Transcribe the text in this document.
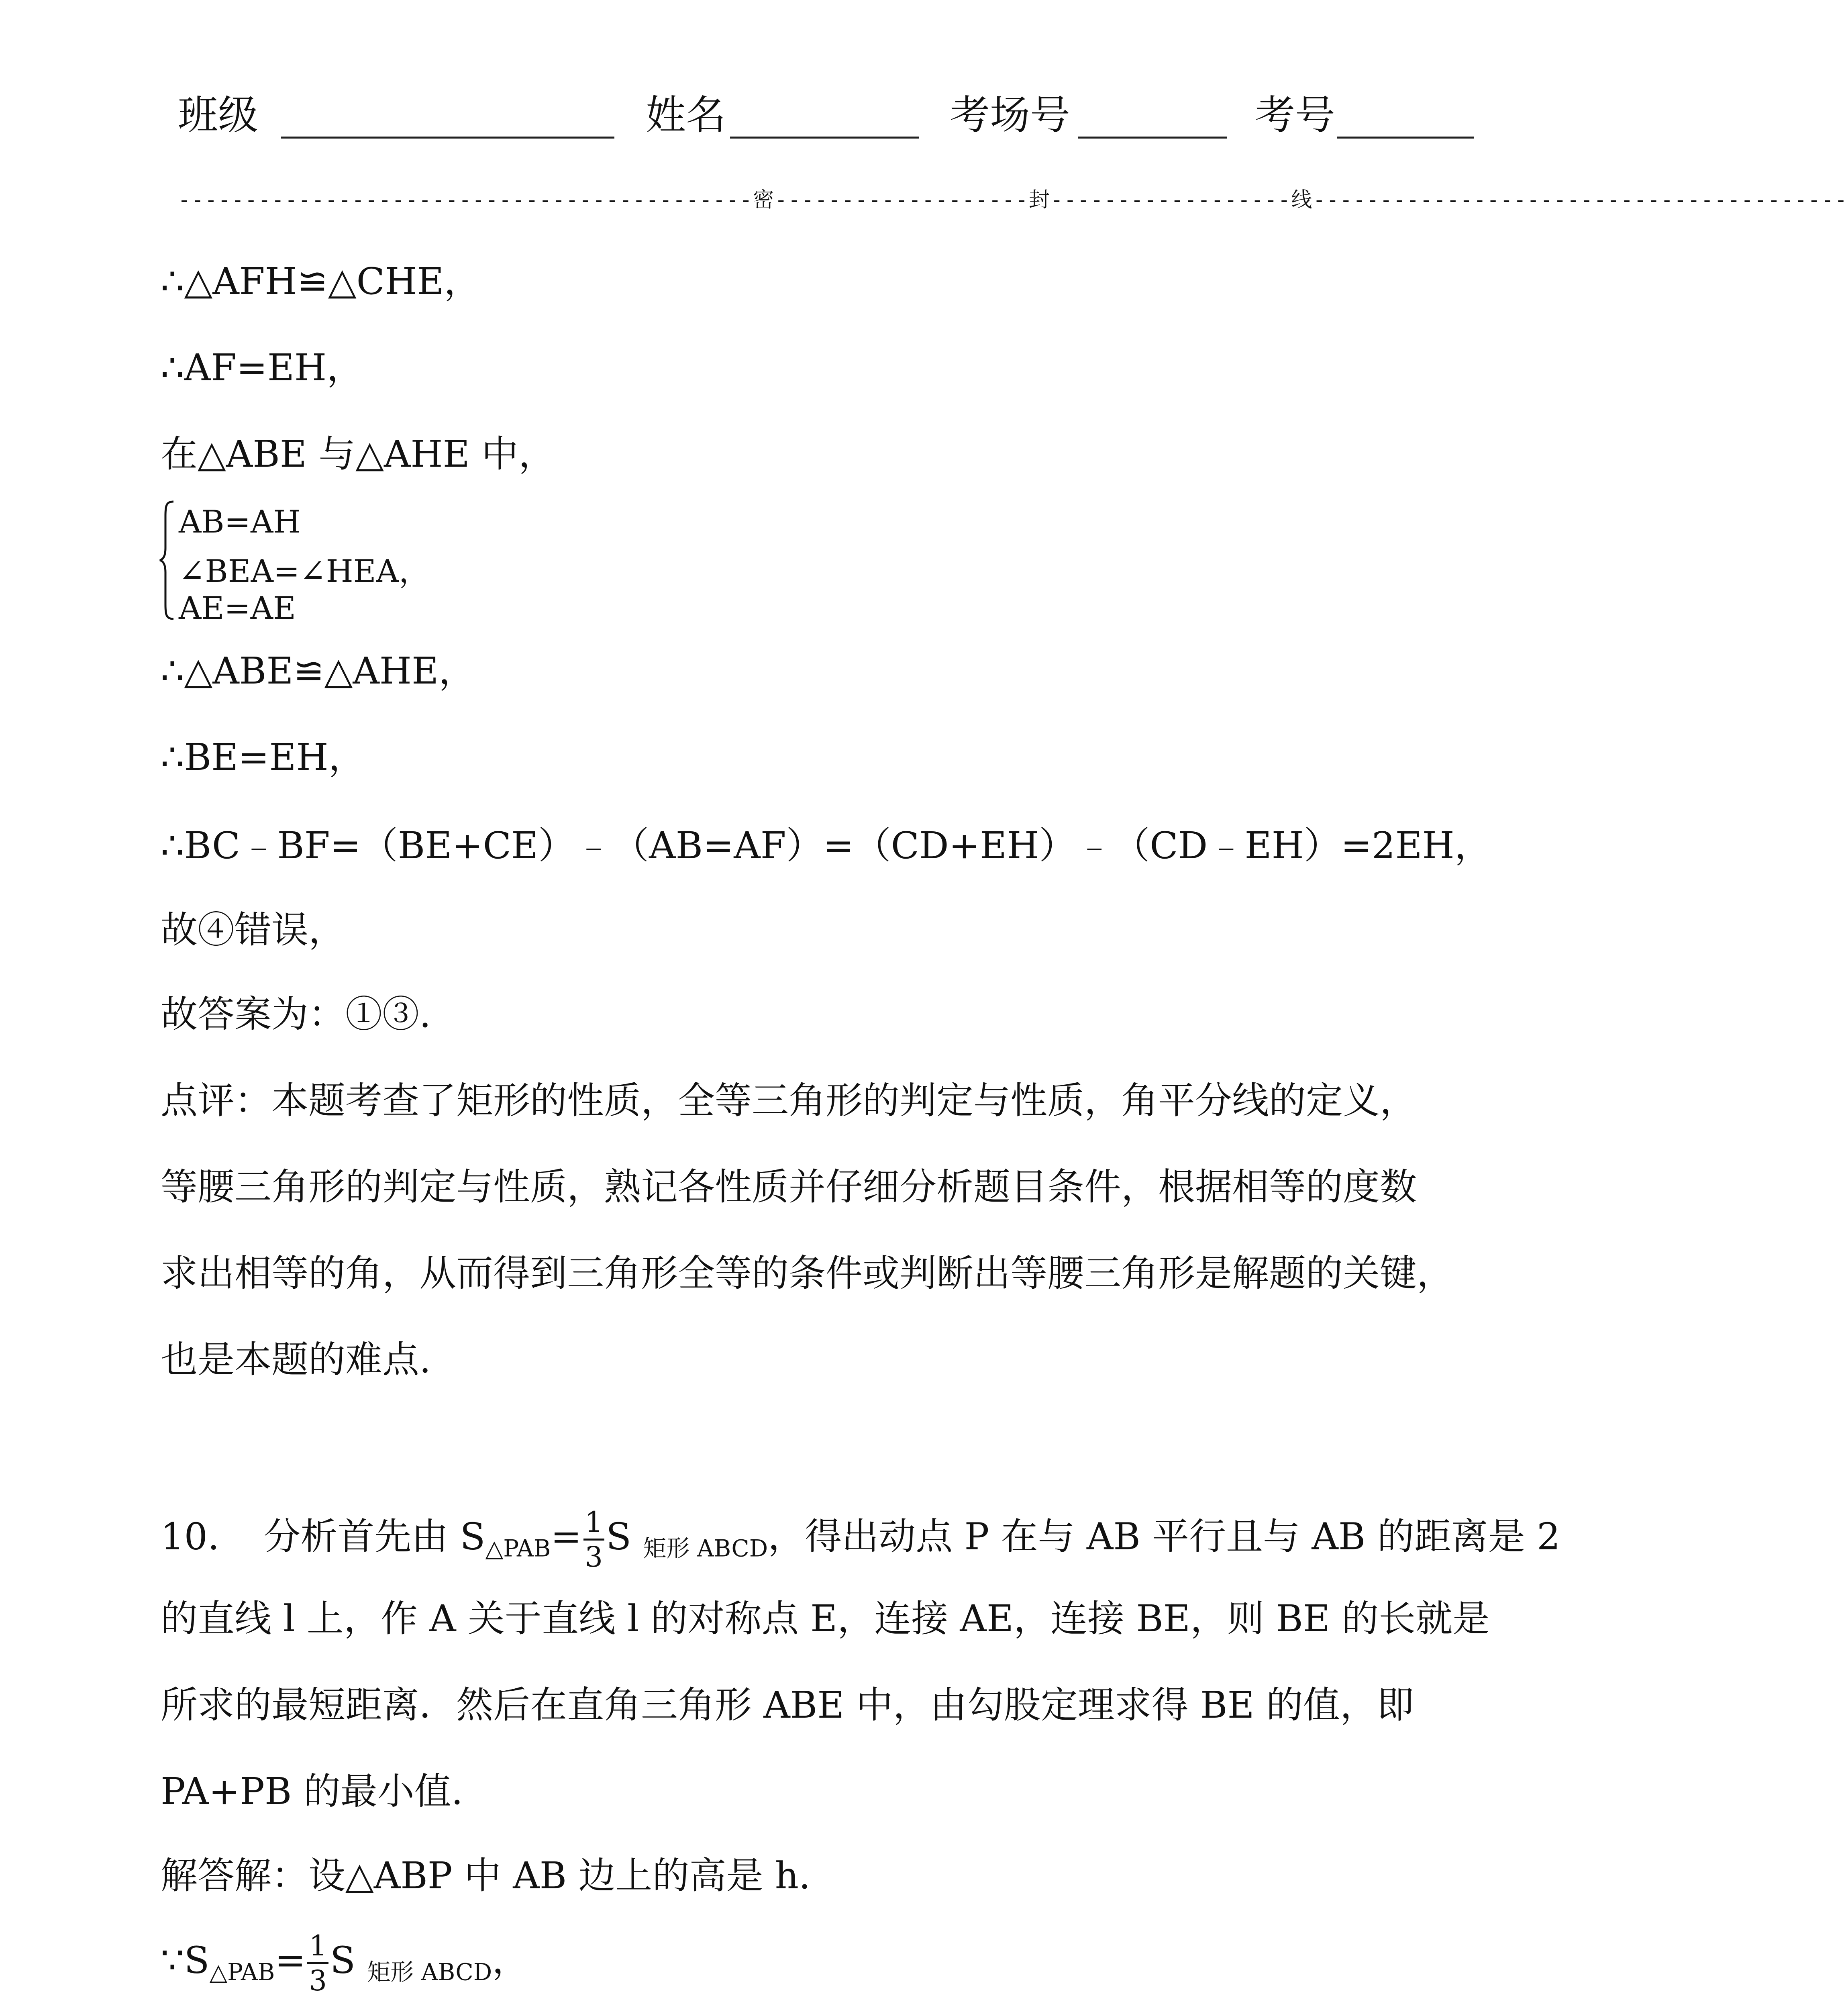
班级	姓名	考场号	考号
-------------------------------------------密-------------------封------------------线----------------------------------------
∴△AFH≌△CHE，
∴AF=EH，
在△ABE 与△AHE 中，
AB=AH
∠BEA=∠HEA，
AE=AE
∴△ABE≌△AHE，
∴BE=EH，
∴BC﹣BF=（BE+CE）﹣（AB=AF）=（CD+EH）﹣（CD﹣EH）=2EH，
故④错误，
故答案为：①③.
点评：本题考查了矩形的性质，全等三角形的判定与性质，角平分线的定义，
等腰三角形的判定与性质，熟记各性质并仔细分析题目条件，根据相等的度数
求出相等的角，从而得到三角形全等的条件或判断出等腰三角形是解题的关键，
也是本题的难点.
10. 分析首先由 $S_{\triangle PAB}= \frac{1}{3}$ S $_{矩形 ABCD}$，得出动点 P 在与 AB 平行且与 AB 的距离是 2
的直线 l 上，作 A 关于直线 l 的对称点 E，连接 AE，连接 BE，则 BE 的长就是
所求的最短距离．然后在直角三角形 ABE 中，由勾股定理求得 BE 的值，即
PA+PB 的最小值.
解答解：设△ABP 中 AB 边上的高是 h.
$\because S_{\triangle PAB}= \frac{1}{3}$ S $_{矩形 ABCD}$，
